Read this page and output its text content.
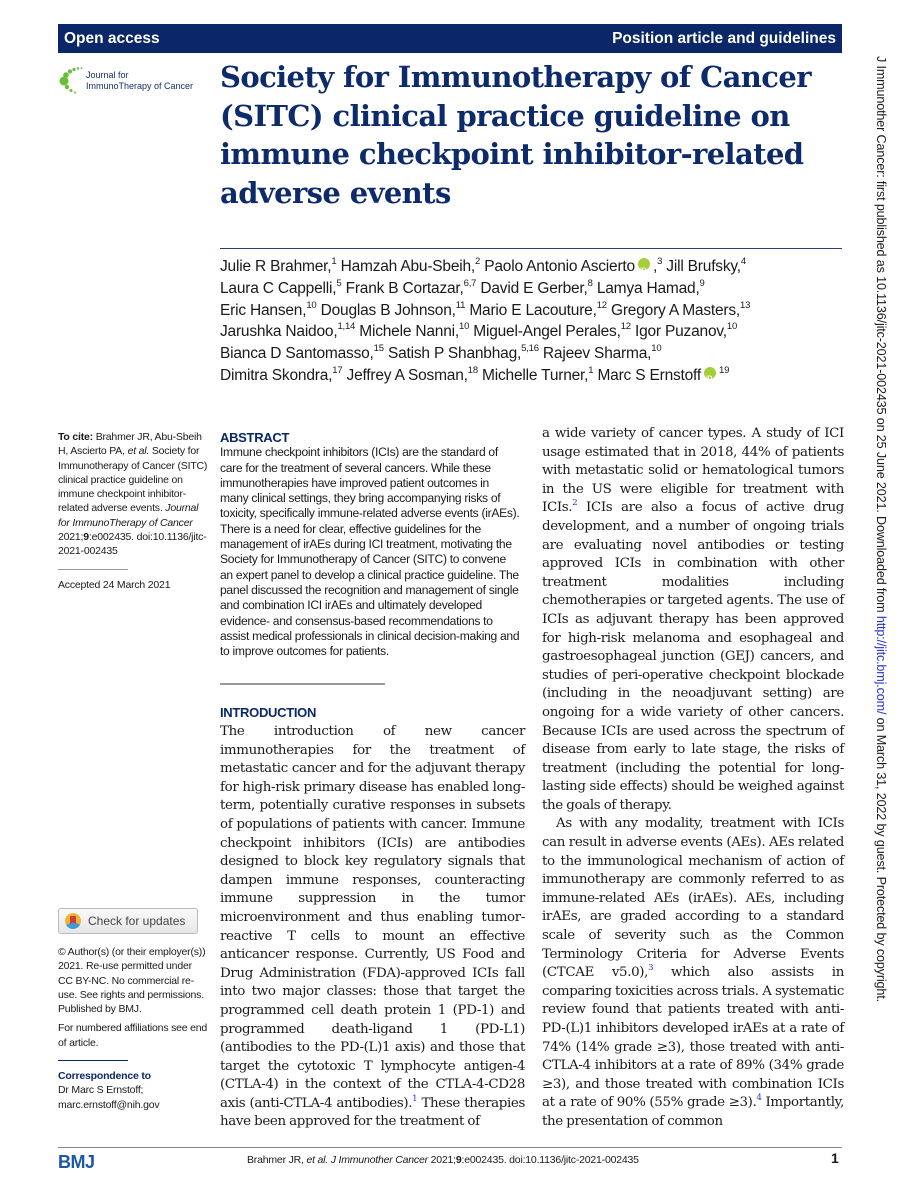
Open access	Position article and guidelines
Journal for
ImmunoTherapy of Cancer Society for Immunotherapy of Cancer (SITC) clinical practice guideline on immune checkpoint inhibitor-related adverse events
Julie R Brahmer,$^1$ Hamzah Abu-Sbeih,$^2$ Paolo Antonio Ascierto iD ,$^3$ Jill Brufsky,$^4$
Laura C Cappelli,$^5$ Frank B Cortazar,$^{6,7}$ David E Gerber,$^8$ Lamya Hamad,$^9$
Eric Hansen,$^{10}$ Douglas B Johnson,$^{11}$ Mario E Lacouture,$^{12}$ Gregory A Masters,$^{13}$
Jarushka Naidoo,$^{1,14}$ Michele Nanni,$^{10}$ Miguel-Angel Perales,$^{12}$ Igor Puzanov,$^{10}$
Bianca D Santomasso,$^{15}$ Satish P Shanbhag,$^{5,16}$ Rajeev Sharma,$^{10}$
Dimitra Skondra,$^{17}$ Jeffrey A Sosman,$^{18}$ Michelle Turner,$^1$ Marc S Ernstoff iD $^{19}$
To cite: Brahmer JR, Abu-Sbeih H, Ascierto PA, et al. Society for Immunotherapy of Cancer (SITC) clinical practice guideline on immune checkpoint inhibitor-related adverse events. Journal for ImmunoTherapy of Cancer 2021;9:e002435. doi:10.1136/jitc-2021-002435
Accepted 24 March 2021
Check for updates
© Author(s) (or their employer(s)) 2021. Re-use permitted under CC BY-NC. No commercial re-use. See rights and permissions. Published by BMJ.
For numbered affiliations see end of article.
Correspondence to
Dr Marc S Ernstoff;
marc.ernstoff@nih.gov
ABSTRACT
Immune checkpoint inhibitors (ICIs) are the standard of care for the treatment of several cancers. While these immunotherapies have improved patient outcomes in many clinical settings, they bring accompanying risks of toxicity, specifically immune-related adverse events (irAEs). There is a need for clear, effective guidelines for the management of irAEs during ICI treatment, motivating the Society for Immunotherapy of Cancer (SITC) to convene an expert panel to develop a clinical practice guideline. The panel discussed the recognition and management of single and combination ICI irAEs and ultimately developed evidence- and consensus-based recommendations to assist medical professionals in clinical decision-making and to improve outcomes for patients.
INTRODUCTION

The introduction of new cancer immunotherapies for the treatment of metastatic cancer and for the adjuvant therapy for high-risk primary disease has enabled long-term, potentially curative responses in subsets of populations of patients with cancer. Immune checkpoint inhibitors (ICIs) are antibodies designed to block key regulatory signals that dampen immune responses, counteracting immune suppression in the tumor microenvironment and thus enabling tumor-reactive T cells to mount an effective anticancer response. Currently, US Food and Drug Administration (FDA)-approved ICIs fall into two major classes: those that target the programmed cell death protein 1 (PD-1) and programmed death-ligand 1 (PD-L1) (antibodies to the PD-(L)1 axis) and those that target the cytotoxic T lymphocyte antigen-4 (CTLA-4) in the context of the CTLA-4-CD28 axis (anti-CTLA-4 antibodies).$^1$ These therapies have been approved for the treatment of

a wide variety of cancer types. A study of ICI usage estimated that in 2018, 44% of patients with metastatic solid or hematological tumors in the US were eligible for treatment with ICIs.$^2$ ICIs are also a focus of active drug development, and a number of ongoing trials are evaluating novel antibodies or testing approved ICIs in combination with other treatment modalities including chemotherapies or targeted agents. The use of ICIs as adjuvant therapy has been approved for high-risk melanoma and esophageal and gastroesophageal junction (GEJ) cancers, and studies of peri-operative checkpoint blockade (including in the neoadjuvant setting) are ongoing for a wide variety of other cancers. Because ICIs are used across the spectrum of disease from early to late stage, the risks of treatment (including the potential for long-lasting side effects) should be weighed against the goals of therapy.

As with any modality, treatment with ICIs can result in adverse events (AEs). AEs related to the immunological mechanism of action of immunotherapy are commonly referred to as immune-related AEs (irAEs). AEs, including irAEs, are graded according to a standard scale of severity such as the Common Terminology Criteria for Adverse Events (CTCAE v5.0),$^3$ which also assists in comparing toxicities across trials. A systematic review found that patients treated with anti-PD-(L)1 inhibitors developed irAEs at a rate of 74% (14% grade ≥3), those treated with anti-CTLA-4 inhibitors at a rate of 89% (34% grade ≥3), and those treated with combination ICIs at a rate of 90% (55% grade ≥3).$^4$ Importantly, the presentation of common

J Immunother Cancer: first published as 10.1136/jitc-2021-002435 on 25 June 2021. Downloaded from http://jitc.bmj.com/ on March 31, 2022 by guest. Protected by copyright.
BMJ	Brahmer JR, et al. J Immunother Cancer 2021;9:e002435. doi:10.1136/jitc-2021-002435	1
